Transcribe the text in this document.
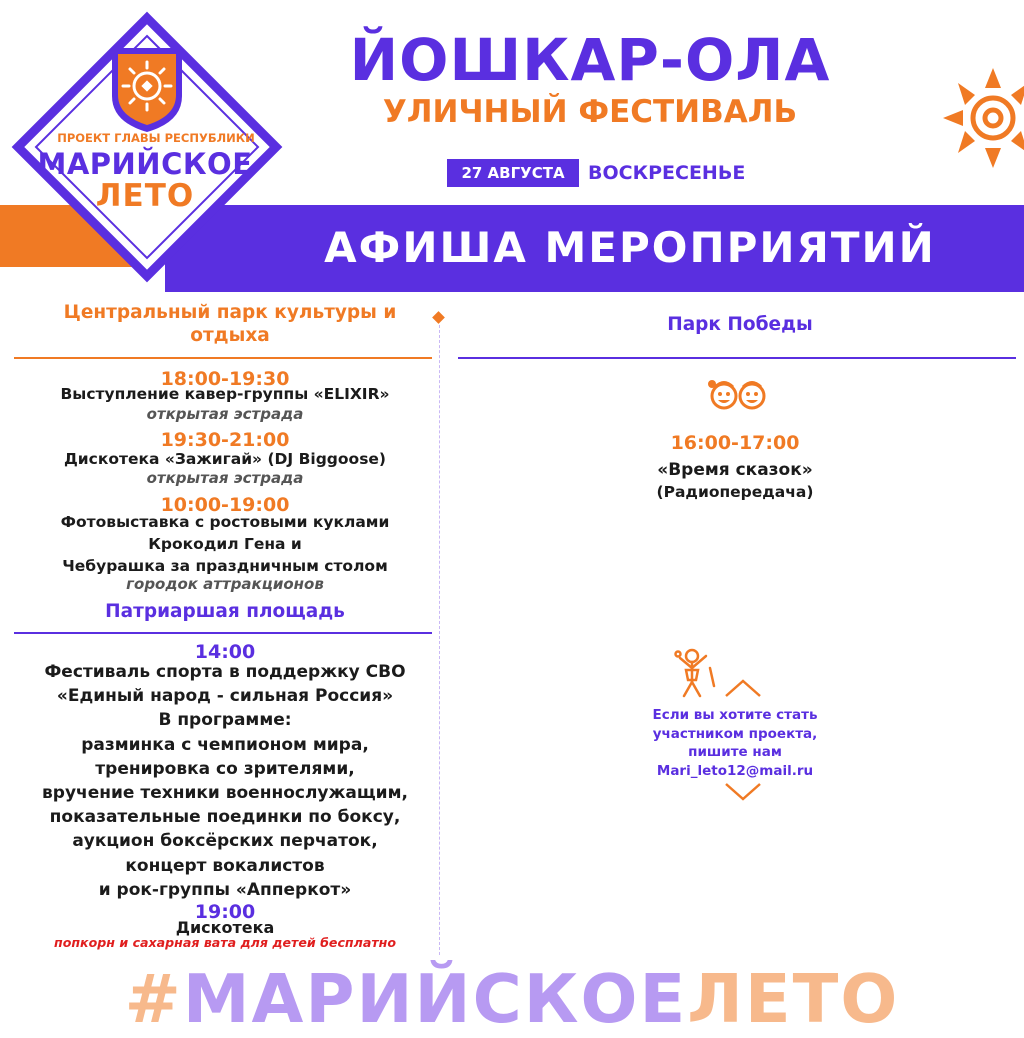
АФИША МЕРОПРИЯТИЙ
ПРОЕКТ ГЛАВЫ РЕСПУБЛИКИ
МАРИЙСКОЕ
ЛЕТО
ЙОШКАР-ОЛА
УЛИЧНЫЙ ФЕСТИВАЛЬ
27 АВГУСТА	ВОСКРЕСЕНЬЕ
Центральный парк культуры и отдыха
18:00-19:30
Выступление кавер-группы «ELIXIR»
открытая эстрада
19:30-21:00
Дискотека «Зажигай» (DJ Biggoose)
открытая эстрада
10:00-19:00
Фотовыставка с ростовыми куклами
Крокодил Гена и
Чебурашка за праздничным столом
городок аттракционов
Патриаршая площадь
14:00
Фестиваль спорта в поддержку СВО
«Единый народ - сильная Россия»
В программе:
разминка с чемпионом мира,
тренировка со зрителями,
вручение техники военнослужащим,
показательные поединки по боксу,
аукцион боксёрских перчаток,
концерт вокалистов
и рок-группы «Апперкот»
19:00
Дискотека
попкорн и сахарная вата для детей бесплатно
Парк Победы
16:00-17:00
«Время сказок»
(Радиопередача)
Если вы хотите стать
участником проекта,
пишите нам
Mari_leto12@mail.ru
#МАРИЙСКОЕЛЕТО
